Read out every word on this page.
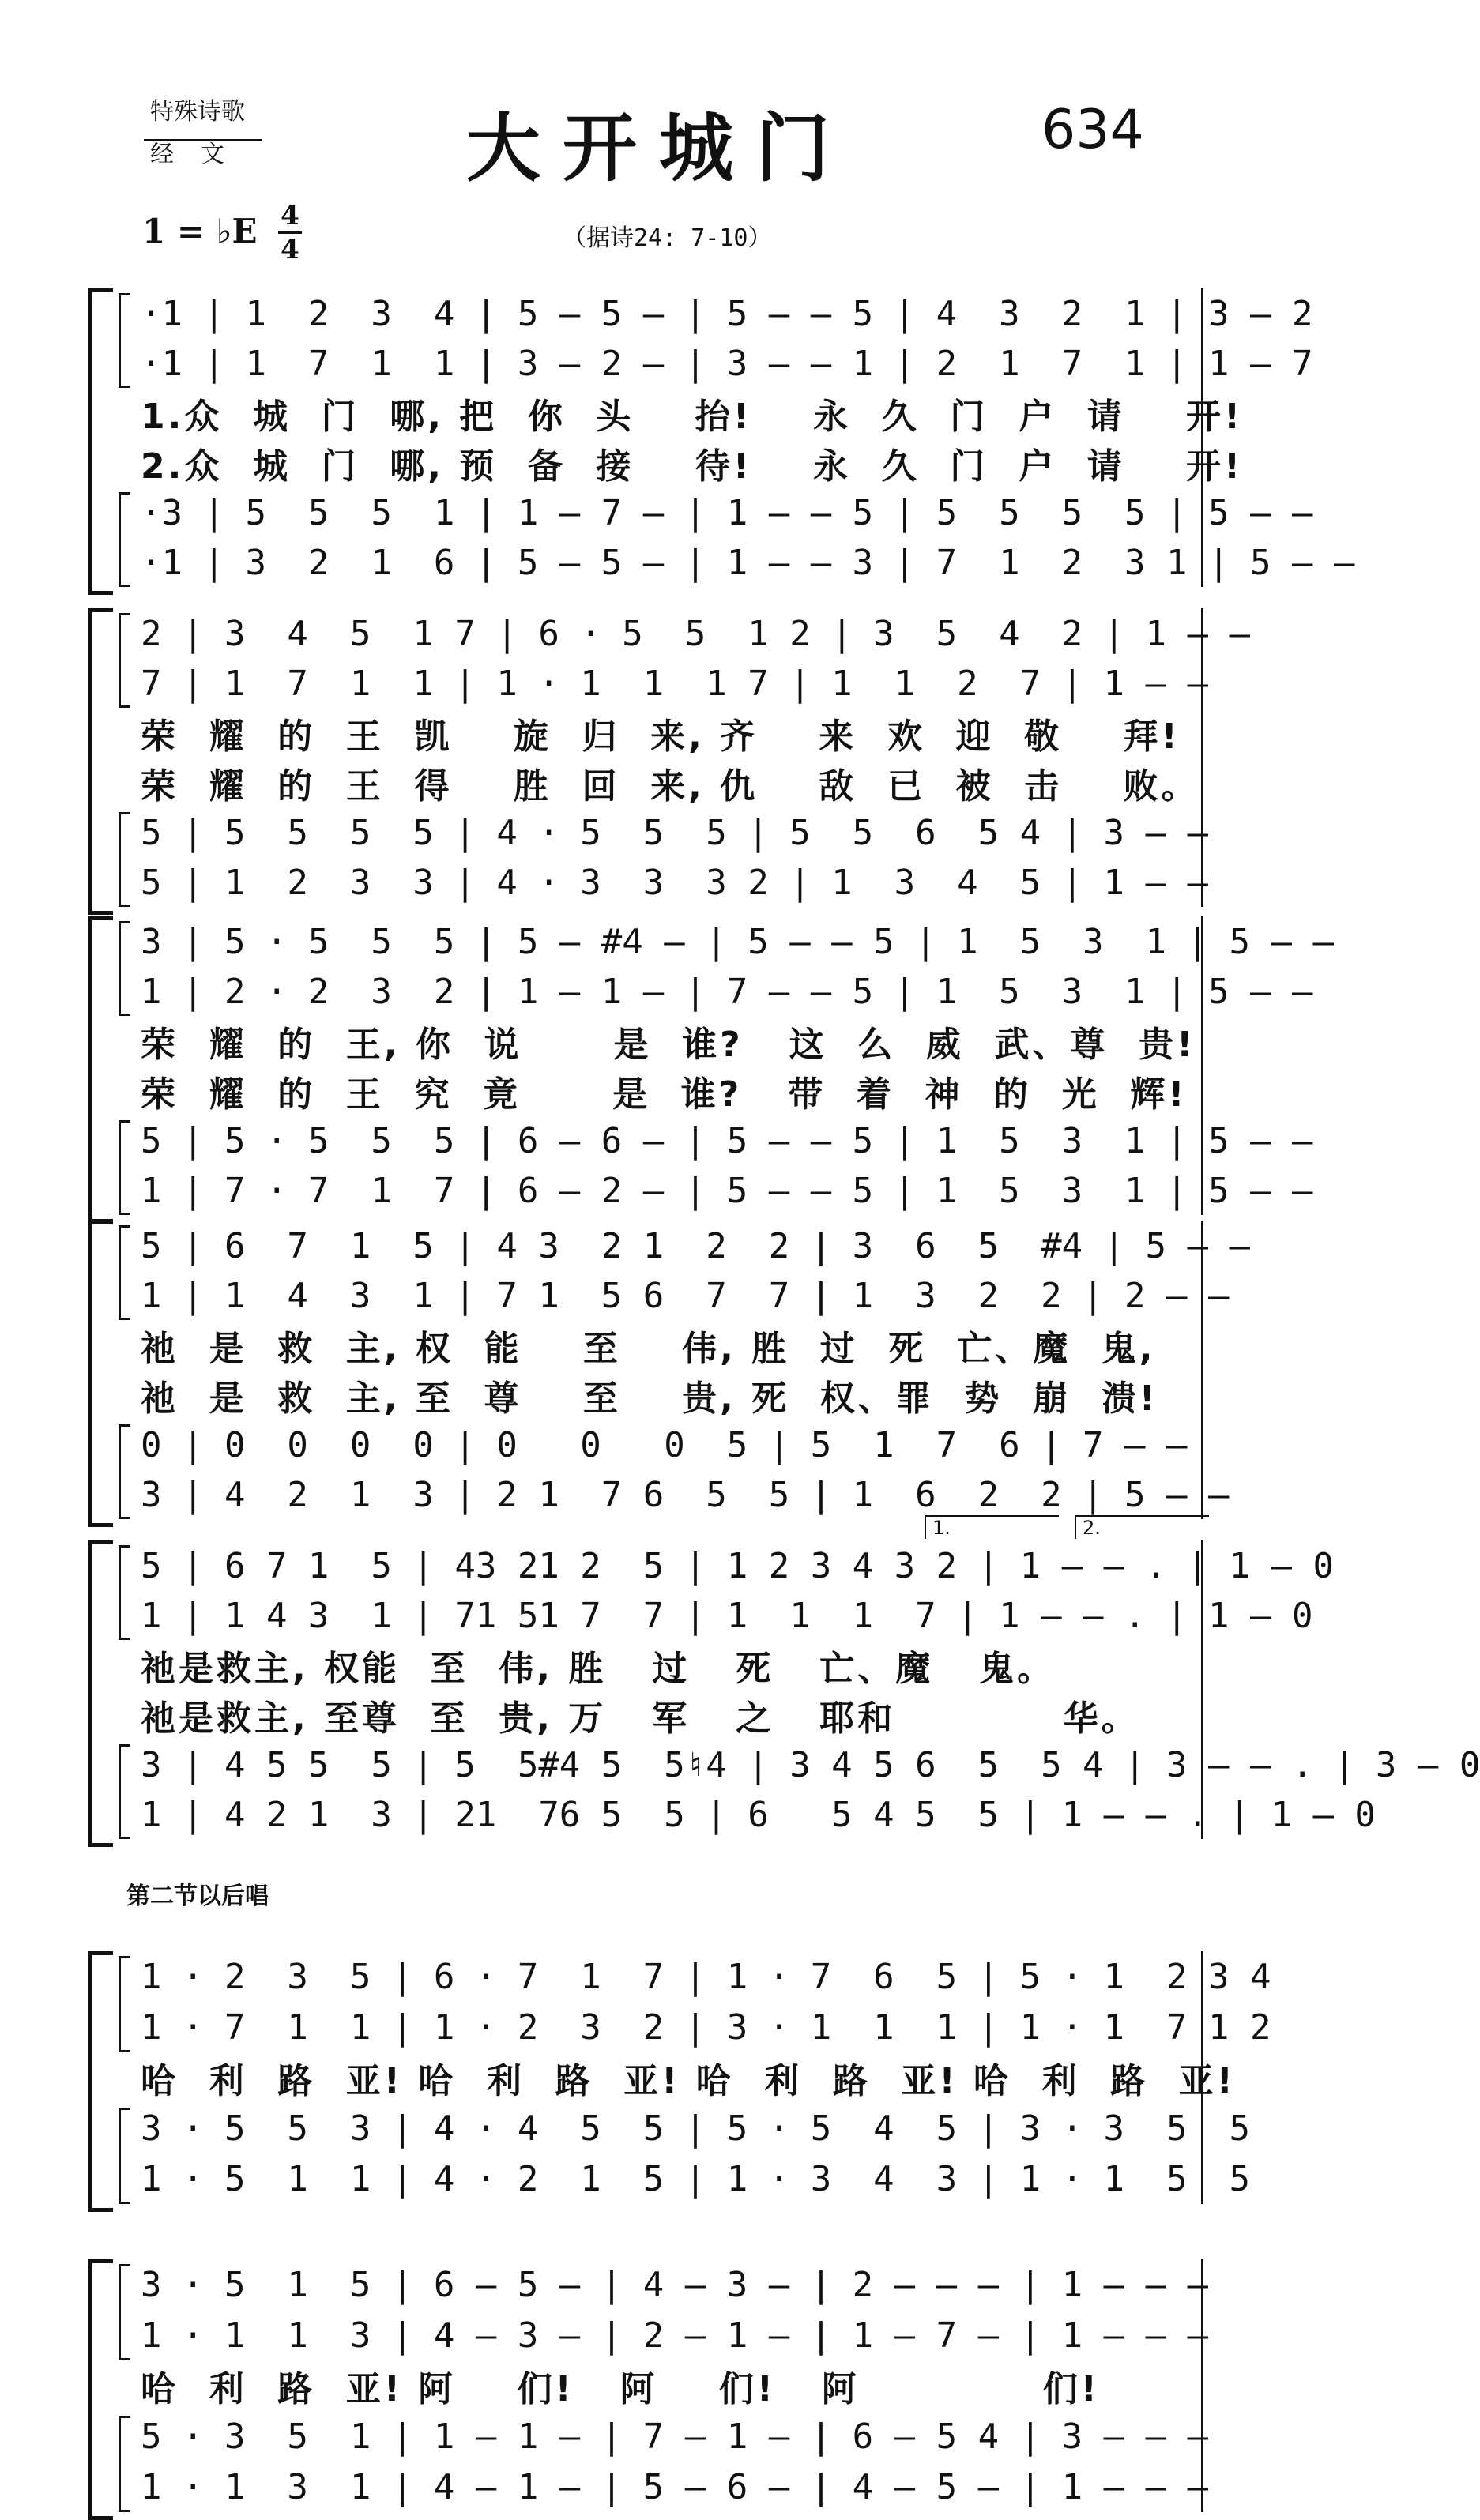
特殊诗歌
经　文	大开城门	634
1 = ♭E 4
4	（据诗24: 7-10）
·1 | 1  2  3  4 | 5 — 5 — | 5 — — 5 | 4  3  2  1 | 3 — 2
·1 | 1  7  1  1 | 3 — 2 — | 3 — — 1 | 2  1  7  1 | 1 — 7
1.众  城  门  哪, 把  你  头    抬!    永  久  门  户  请    开!
2.众  城  门  哪, 预  备  接    待!    永  久  门  户  请    开!
·3 | 5  5  5  1 | 1 — 7 — | 1 — — 5 | 5  5  5  5 | 5 — —
·1 | 3  2  1  6 | 5 — 5 — | 1 — — 3 | 7  1  2  3 1 | 5 — —
2 | 3  4  5  1 7 | 6 · 5  5  1 2 | 3  5  4  2 | 1 — —
7 | 1  7  1  1 | 1 · 1  1  1 7 | 1  1  2  7 | 1 — —
荣  耀  的  王  凯    旋  归  来, 齐    来  欢  迎  敬    拜!
荣  耀  的  王  得    胜  回  来, 仇    敌  已  被  击    败。
5 | 5  5  5  5 | 4 · 5  5  5 | 5  5  6  5 4 | 3 — —
5 | 1  2  3  3 | 4 · 3  3  3 2 | 1  3  4  5 | 1 — —
3 | 5 · 5  5  5 | 5 — #4 — | 5 — — 5 | 1  5  3  1 | 5 — —
1 | 2 · 2  3  2 | 1 — 1 — | 7 — — 5 | 1  5  3  1 | 5 — —
荣  耀  的  王, 你  说      是  谁?   这  么  威  武、尊  贵!
荣  耀  的  王  究  竟      是  谁?   带  着  神  的  光  辉!
5 | 5 · 5  5  5 | 6 — 6 — | 5 — — 5 | 1  5  3  1 | 5 — —
1 | 7 · 7  1  7 | 6 — 2 — | 5 — — 5 | 1  5  3  1 | 5 — —
5 | 6  7  1  5 | 4 3  2 1  2  2 | 3  6  5  #4 | 5 — —
1 | 1  4  3  1 | 7 1  5 6  7  7 | 1  3  2  2 | 2 — —
祂  是  救  主, 权  能    至    伟, 胜  过  死  亡、魔  鬼,
祂  是  救  主, 至  尊    至    贵, 死  权、罪  势  崩  溃!
0 | 0  0  0  0 | 0   0   0  5 | 5  1  7  6 | 7 — —
3 | 4  2  1  3 | 2 1  7 6  5  5 | 1  6  2  2 | 5 — —
5 | 6 7 1  5 | 43 21 2  5 | 1 2 3 4 3 2 | 1 — — . | 1 — 0
1 | 1 4 3  1 | 71 51 7  7 | 1  1  1  7 | 1 — — . | 1 — 0
祂是救主, 权能  至  伟, 胜   过   死   亡、魔   鬼。
祂是救主, 至尊  至  贵, 万   军   之   耶和           华。
3 | 4 5 5  5 | 5  5#4 5  5♮4 | 3 4 5 6  5  5 4 | 3 — — . | 3 — 0
1 | 4 2 1  3 | 21  76 5  5 | 6   5 4 5  5 | 1 — — . | 1 — 0
1 · 2  3  5 | 6 · 7  1  7 | 1 · 7  6  5 | 5 · 1  2 3 4
1 · 7  1  1 | 1 · 2  3  2 | 3 · 1  1  1 | 1 · 1  7 1 2
哈  利  路  亚! 哈  利  路  亚! 哈  利  路  亚! 哈  利  路  亚!
3 · 5  5  3 | 4 · 4  5  5 | 5 · 5  4  5 | 3 · 3  5  5
1 · 5  1  1 | 4 · 2  1  5 | 1 · 3  4  3 | 1 · 1  5  5
3 · 5  1  5 | 6 — 5 — | 4 — 3 — | 2 — — — | 1 — — —
1 · 1  1  3 | 4 — 3 — | 2 — 1 — | 1 — 7 — | 1 — — —
哈  利  路  亚! 阿    们!   阿    们!   阿            们!
5 · 3  5  1 | 1 — 1 — | 7 — 1 — | 6 — 5 4 | 3 — — —
1 · 1  3  1 | 4 — 1 — | 5 — 6 — | 4 — 5 — | 1 — — —
第二节以后唱
1.	2.
